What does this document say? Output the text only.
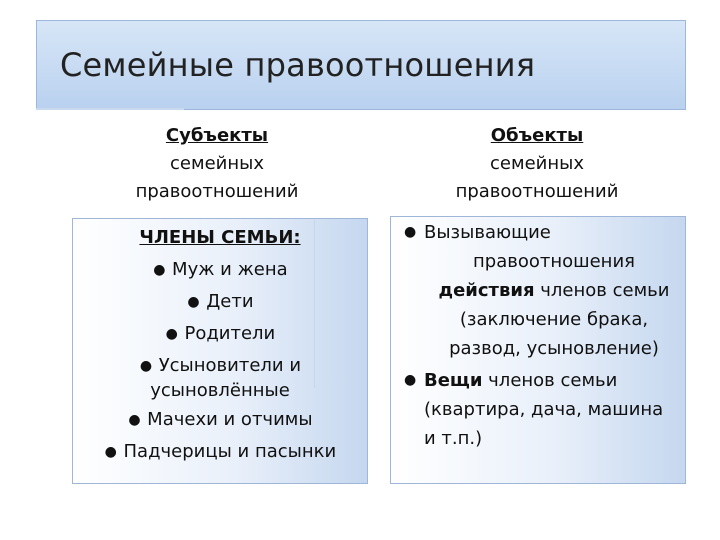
Семейные правоотношения
Субъекты
семейных
правоотношений
Объекты
семейных
правоотношений
ЧЛЕНЫ СЕМЬИ:
● Муж и жена
● Дети
● Родители
● Усыновители и
усыновлённые
● Мачехи и отчимы
● Падчерицы и пасынки
● Вызывающие
правоотношения
действия членов семьи
(заключение брака,
развод, усыновление)
● Вещи членов семьи
(квартира, дача, машина
и т.п.)
